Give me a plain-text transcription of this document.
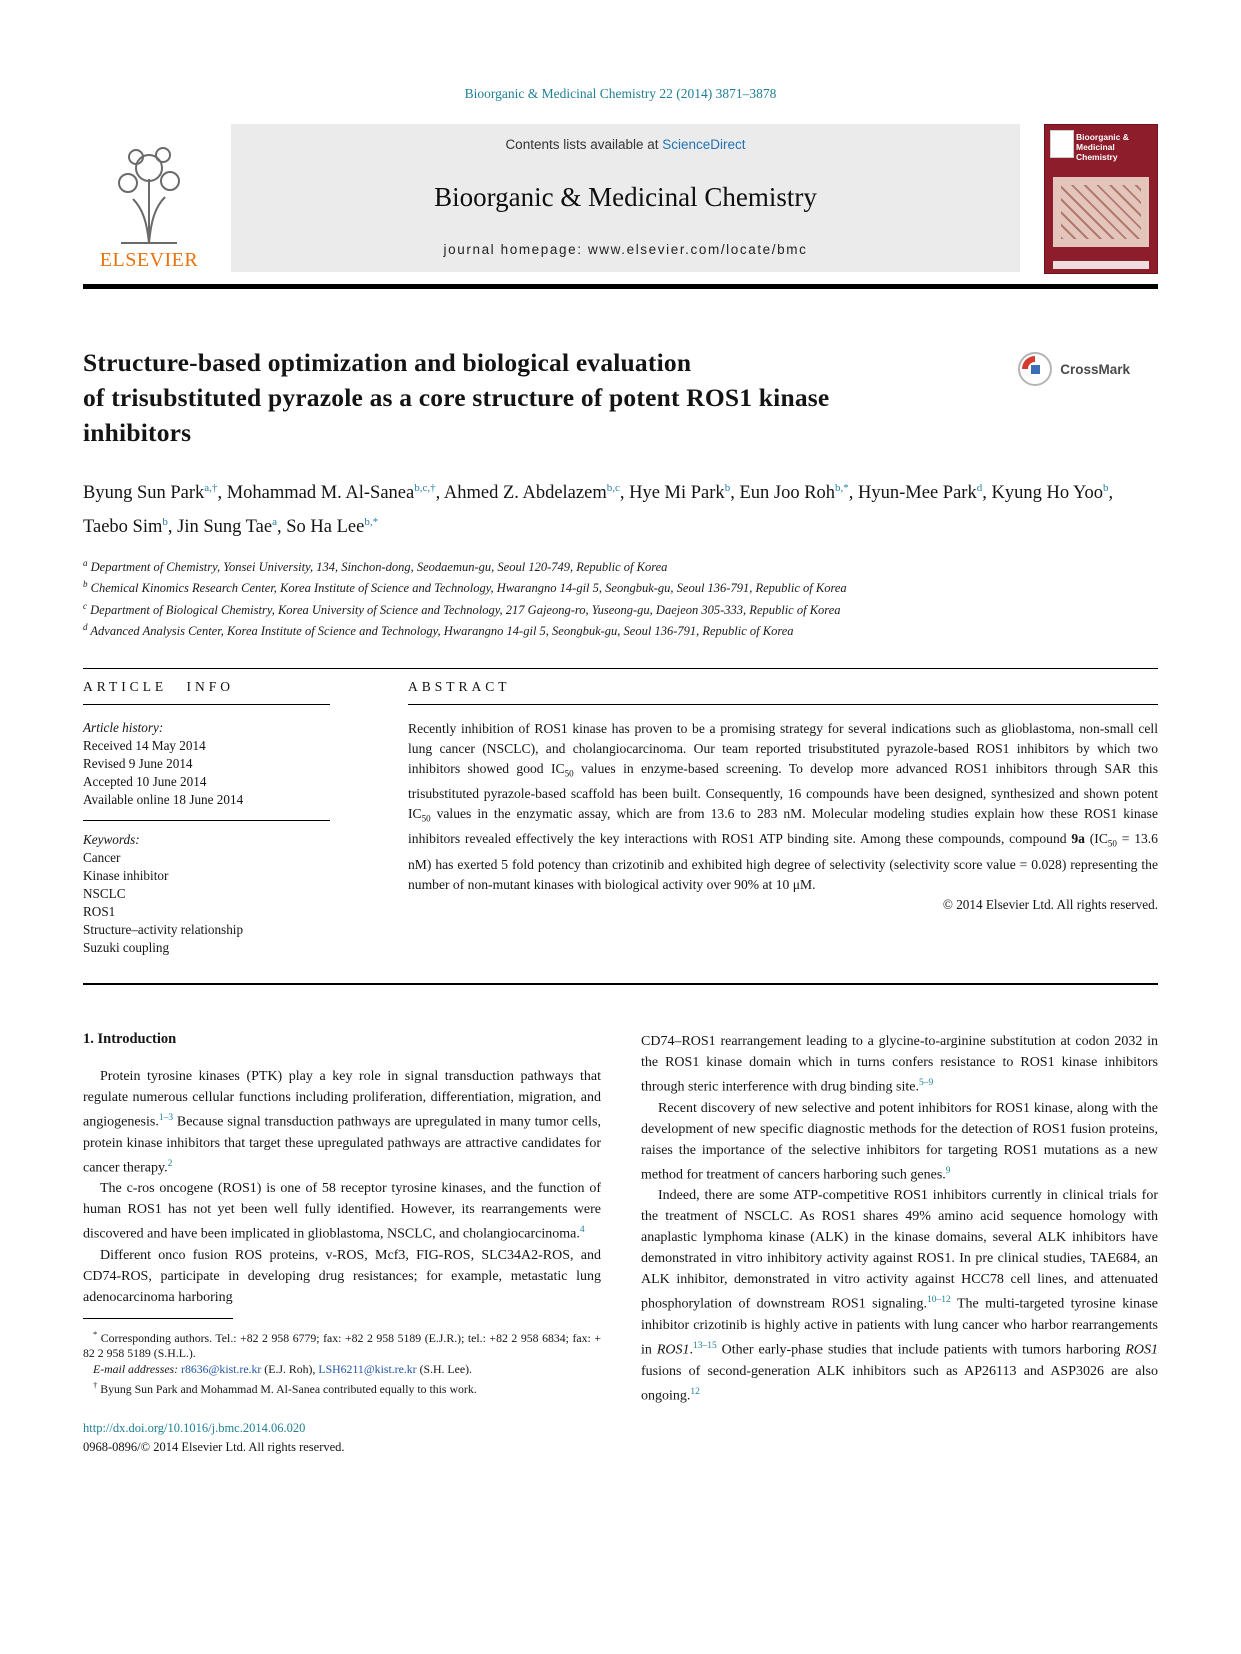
Bioorganic & Medicinal Chemistry 22 (2014) 3871–3878
ELSEVIER
Contents lists available at ScienceDirect
Bioorganic & Medicinal Chemistry
journal homepage: www.elsevier.com/locate/bmc
Bioorganic & Medicinal Chemistry
Structure-based optimization and biological evaluation
of trisubstituted pyrazole as a core structure of potent ROS1 kinase
inhibitors
CrossMark
Byung Sun Park$^{a,\dagger}$, Mohammad M. Al-Sanea$^{b,c,\dagger}$, Ahmed Z. Abdelazem$^{b,c}$, Hye Mi Park$^b$, Eun Joo Roh$^{b,*}$, Hyun-Mee Park$^d$, Kyung Ho Yoo$^b$, Taebo Sim$^b$, Jin Sung Tae$^a$, So Ha Lee$^{b,*}$
$^a$ Department of Chemistry, Yonsei University, 134, Sinchon-dong, Seodaemun-gu, Seoul 120-749, Republic of Korea
$^b$ Chemical Kinomics Research Center, Korea Institute of Science and Technology, Hwarangno 14-gil 5, Seongbuk-gu, Seoul 136-791, Republic of Korea
$^c$ Department of Biological Chemistry, Korea University of Science and Technology, 217 Gajeong-ro, Yuseong-gu, Daejeon 305-333, Republic of Korea
$^d$ Advanced Analysis Center, Korea Institute of Science and Technology, Hwarangno 14-gil 5, Seongbuk-gu, Seoul 136-791, Republic of Korea
ARTICLE INFO
Article history:
Received 14 May 2014
Revised 9 June 2014
Accepted 10 June 2014
Available online 18 June 2014
Keywords:
Cancer
Kinase inhibitor
NSCLC
ROS1
Structure–activity relationship
Suzuki coupling
ABSTRACT

Recently inhibition of ROS1 kinase has proven to be a promising strategy for several indications such as glioblastoma, non-small cell lung cancer (NSCLC), and cholangiocarcinoma. Our team reported trisubstituted pyrazole-based ROS1 inhibitors by which two inhibitors showed good $IC_{50}$ values in enzyme-based screening. To develop more advanced ROS1 inhibitors through SAR this trisubstituted pyrazole-based scaffold has been built. Consequently, 16 compounds have been designed, synthesized and shown potent $IC_{50}$ values in the enzymatic assay, which are from 13.6 to 283 nM. Molecular modeling studies explain how these ROS1 kinase inhibitors revealed effectively the key interactions with ROS1 ATP binding site. Among these compounds, compound 9a ($IC_{50} = 13.6$ nM) has exerted 5 fold potency than crizotinib and exhibited high degree of selectivity (selectivity score value = 0.028) representing the number of non-mutant kinases with biological activity over 90% at 10 μM.

© 2014 Elsevier Ltd. All rights reserved.
1. Introduction

Protein tyrosine kinases (PTK) play a key role in signal transduction pathways that regulate numerous cellular functions including proliferation, differentiation, migration, and angiogenesis.$^{1-3}$ Because signal transduction pathways are upregulated in many tumor cells, protein kinase inhibitors that target these upregulated pathways are attractive candidates for cancer therapy.$^2$

The c-ros oncogene (ROS1) is one of 58 receptor tyrosine kinases, and the function of human ROS1 has not yet been well fully identified. However, its rearrangements were discovered and have been implicated in glioblastoma, NSCLC, and cholangiocarcinoma.$^4$

Different onco fusion ROS proteins, v-ROS, Mcf3, FIG-ROS, SLC34A2-ROS, and CD74-ROS, participate in developing drug resistances; for example, metastatic lung adenocarcinoma harboring

* Corresponding authors. Tel.: +82 2 958 6779; fax: +82 2 958 5189 (E.J.R.); tel.: +82 2 958 6834; fax: + 82 2 958 5189 (S.H.L.).

E-mail addresses: r8636@kist.re.kr (E.J. Roh), LSH6211@kist.re.kr (S.H. Lee).

† Byung Sun Park and Mohammad M. Al-Sanea contributed equally to this work.

http://dx.doi.org/10.1016/j.bmc.2014.06.020
0968-0896/© 2014 Elsevier Ltd. All rights reserved.

CD74–ROS1 rearrangement leading to a glycine-to-arginine substitution at codon 2032 in the ROS1 kinase domain which in turns confers resistance to ROS1 kinase inhibitors through steric interference with drug binding site.$^{5-9}$

Recent discovery of new selective and potent inhibitors for ROS1 kinase, along with the development of new specific diagnostic methods for the detection of ROS1 fusion proteins, raises the importance of the selective inhibitors for targeting ROS1 mutations as a new method for treatment of cancers harboring such genes.$^9$

Indeed, there are some ATP-competitive ROS1 inhibitors currently in clinical trials for the treatment of NSCLC. As ROS1 shares 49% amino acid sequence homology with anaplastic lymphoma kinase (ALK) in the kinase domains, several ALK inhibitors have demonstrated in vitro inhibitory activity against ROS1. In pre clinical studies, TAE684, an ALK inhibitor, demonstrated in vitro activity against HCC78 cell lines, and attenuated phosphorylation of downstream ROS1 signaling.$^{10-12}$ The multi-targeted tyrosine kinase inhibitor crizotinib is highly active in patients with lung cancer who harbor rearrangements in ROS1.$^{13-15}$ Other early-phase studies that include patients with tumors harboring ROS1 fusions of second-generation ALK inhibitors such as AP26113 and ASP3026 are also ongoing.$^{12}$
